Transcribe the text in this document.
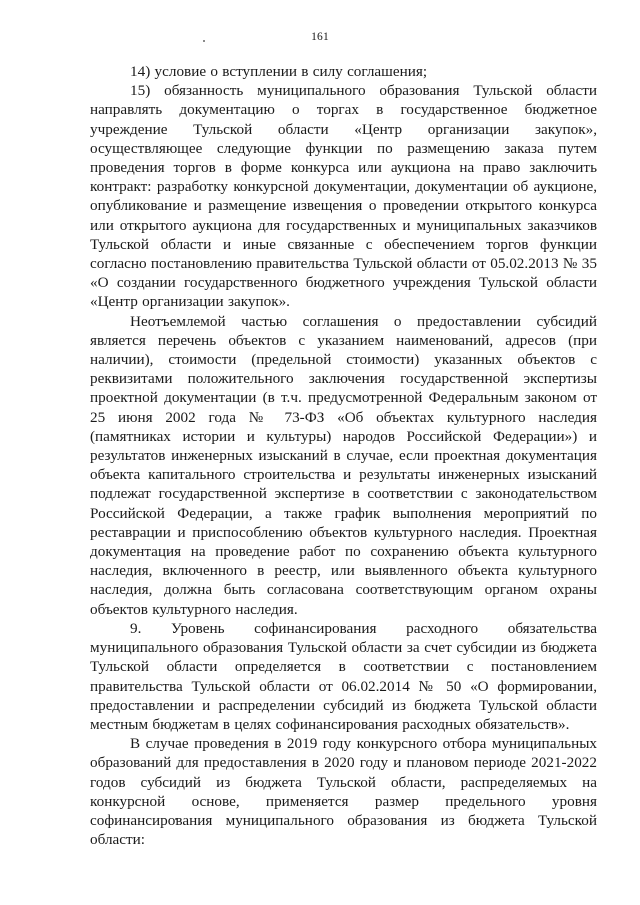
161

14) условие о вступлении в силу соглашения;

15) обязанность муниципального образования Тульской области направлять документацию о торгах в государственное бюджетное учреждение Тульской области «Центр организации закупок», осуществляющее следующие функции по размещению заказа путем проведения торгов в форме конкурса или аукциона на право заключить контракт: разработку конкурсной документации, документации об аукционе, опубликование и размещение извещения о проведении открытого конкурса или открытого аукциона для государственных и муниципальных заказчиков Тульской области и иные связанные с обеспечением торгов функции согласно постановлению правительства Тульской области от 05.02.2013 № 35 «О создании государственного бюджетного учреждения Тульской области «Центр организации закупок».

Неотъемлемой частью соглашения о предоставлении субсидий является перечень объектов с указанием наименований, адресов (при наличии), стоимости (предельной стоимости) указанных объектов с реквизитами положительного заключения государственной экспертизы проектной документации (в т.ч. предусмотренной Федеральным законом от 25 июня 2002 года № 73-ФЗ «Об объектах культурного наследия (памятниках истории и культуры) народов Российской Федерации») и результатов инженерных изысканий в случае, если проектная документация объекта капитального строительства и результаты инженерных изысканий подлежат государственной экспертизе в соответствии с законодательством Российской Федерации, а также график выполнения мероприятий по реставрации и приспособлению объектов культурного наследия. Проектная документация на проведение работ по сохранению объекта культурного наследия, включенного в реестр, или выявленного объекта культурного наследия, должна быть согласована соответствующим органом охраны объектов культурного наследия.

9. Уровень софинансирования расходного обязательства муниципального образования Тульской области за счет субсидии из бюджета Тульской области определяется в соответствии с постановлением правительства Тульской области от 06.02.2014 № 50 «О формировании, предоставлении и распределении субсидий из бюджета Тульской области местным бюджетам в целях софинансирования расходных обязательств».

В случае проведения в 2019 году конкурсного отбора муниципальных образований для предоставления в 2020 году и плановом периоде 2021-2022 годов субсидий из бюджета Тульской области, распределяемых на конкурсной основе, применяется размер предельного уровня софинансирования муниципального образования из бюджета Тульской области:
